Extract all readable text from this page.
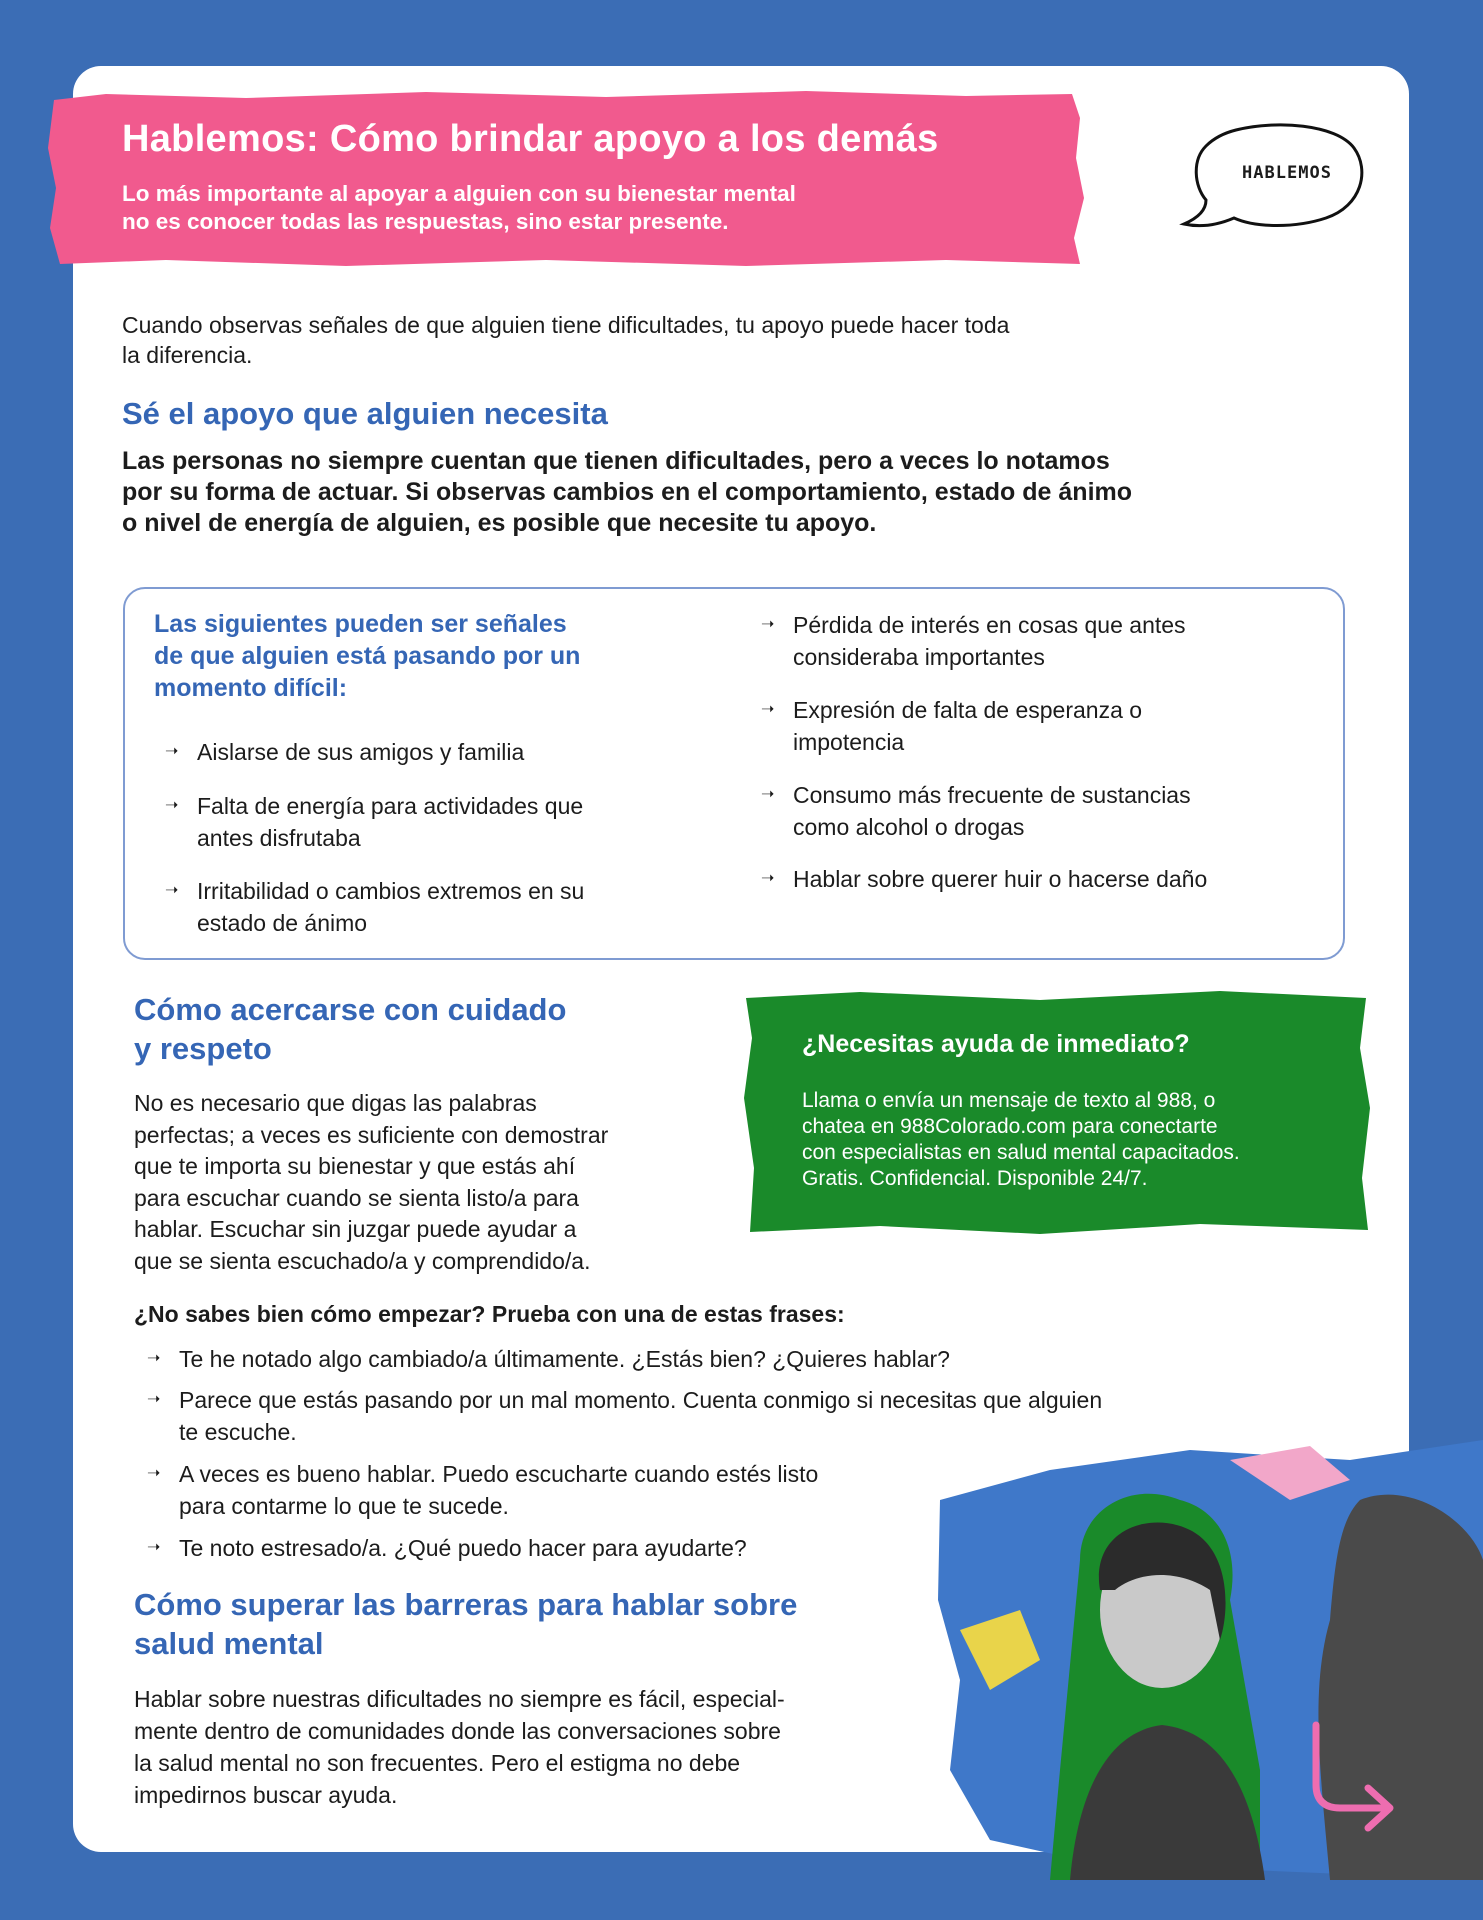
Hablemos: Cómo brindar apoyo a los demás
Lo más importante al apoyar a alguien con su bienestar mental
no es conocer todas las respuestas, sino estar presente.
HABLEMOS
Cuando observas señales de que alguien tiene dificultades, tu apoyo puede hacer toda
la diferencia.
Sé el apoyo que alguien necesita
Las personas no siempre cuentan que tienen dificultades, pero a veces lo notamos
por su forma de actuar. Si observas cambios en el comportamiento, estado de ánimo
o nivel de energía de alguien, es posible que necesite tu apoyo.
Las siguientes pueden ser señales
de que alguien está pasando por un
momento difícil:
➝ Aislarse de sus amigos y familia
➝ Falta de energía para actividades que
antes disfrutaba
➝ Irritabilidad o cambios extremos en su
estado de ánimo
➝ Pérdida de interés en cosas que antes
consideraba importantes
➝ Expresión de falta de esperanza o
impotencia
➝ Consumo más frecuente de sustancias
como alcohol o drogas
➝ Hablar sobre querer huir o hacerse daño
Cómo acercarse con cuidado
y respeto
No es necesario que digas las palabras
perfectas; a veces es suficiente con demostrar
que te importa su bienestar y que estás ahí
para escuchar cuando se sienta listo/a para
hablar. Escuchar sin juzgar puede ayudar a
que se sienta escuchado/a y comprendido/a.
¿Necesitas ayuda de inmediato?
Llama o envía un mensaje de texto al 988, o
chatea en 988Colorado.com para conectarte
con especialistas en salud mental capacitados.
Gratis. Confidencial. Disponible 24/7.
¿No sabes bien cómo empezar? Prueba con una de estas frases:
➝ Te he notado algo cambiado/a últimamente. ¿Estás bien? ¿Quieres hablar?
➝ Parece que estás pasando por un mal momento. Cuenta conmigo si necesitas que alguien
te escuche.
➝ A veces es bueno hablar. Puedo escucharte cuando estés listo
para contarme lo que te sucede.
➝ Te noto estresado/a. ¿Qué puedo hacer para ayudarte?
Cómo superar las barreras para hablar sobre
salud mental
Hablar sobre nuestras dificultades no siempre es fácil, especial-
mente dentro de comunidades donde las conversaciones sobre
la salud mental no son frecuentes. Pero el estigma no debe
impedirnos buscar ayuda.
